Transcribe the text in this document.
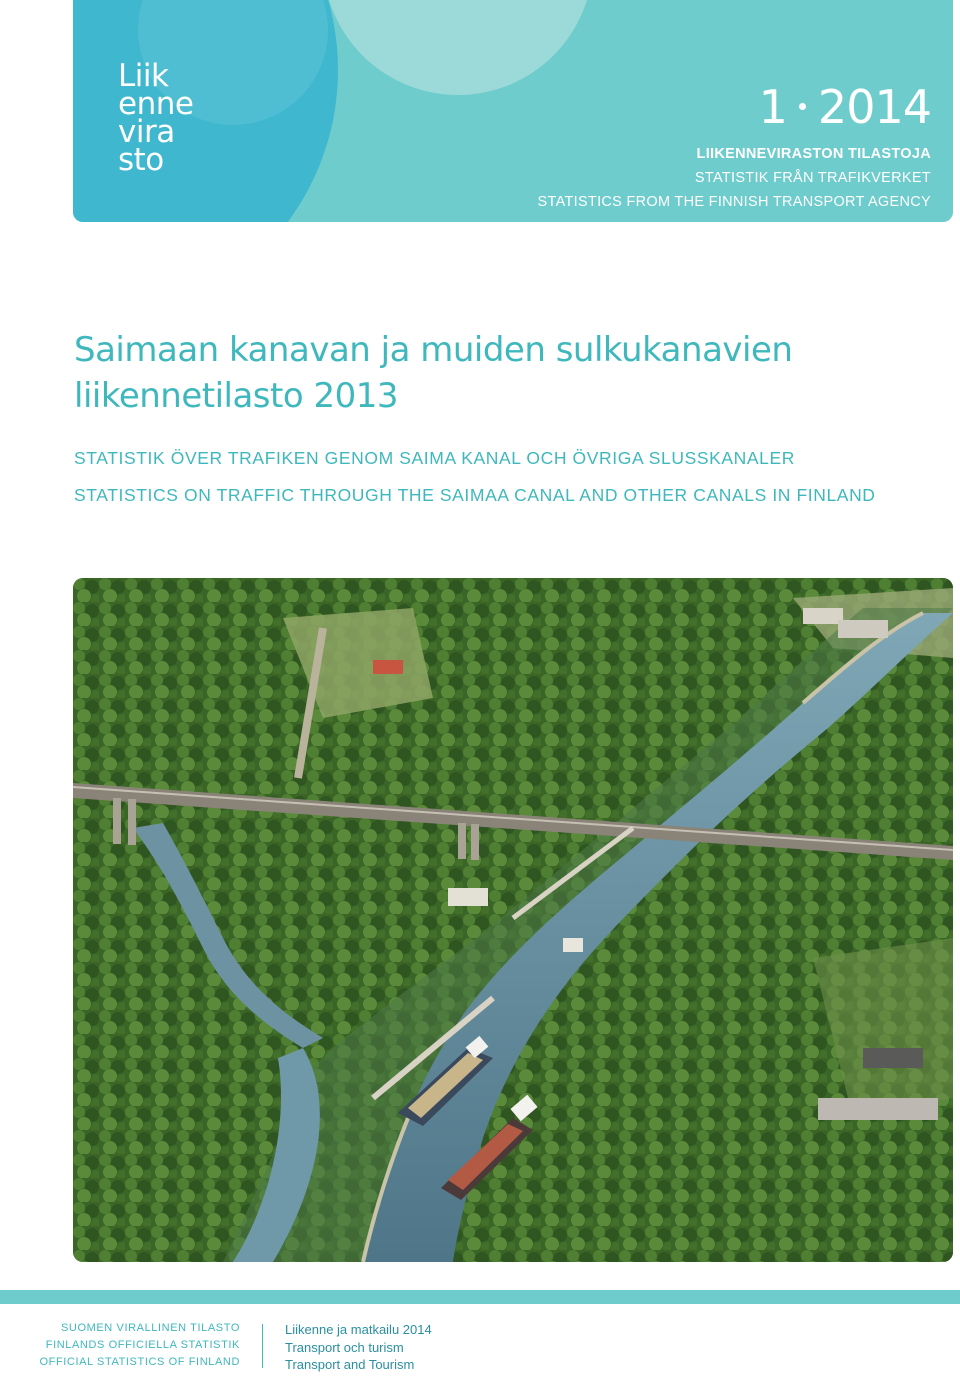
Liik
enne
vira
sto
1 2014
LIIKENNEVIRASTON TILASTOJA
STATISTIK FRÅN TRAFIKVERKET
STATISTICS FROM THE FINNISH TRANSPORT AGENCY
Saimaan kanavan ja muiden sulkukanavien
liikennetilasto 2013

STATISTIK ÖVER TRAFIKEN GENOM SAIMA KANAL OCH ÖVRIGA SLUSSKANALER

STATISTICS ON TRAFFIC THROUGH THE SAIMAA CANAL AND OTHER CANALS IN FINLAND

SUOMEN VIRALLINEN TILASTO
FINLANDS OFFICIELLA STATISTIK
OFFICIAL STATISTICS OF FINLAND
Liikenne ja matkailu 2014
Transport och turism
Transport and Tourism
